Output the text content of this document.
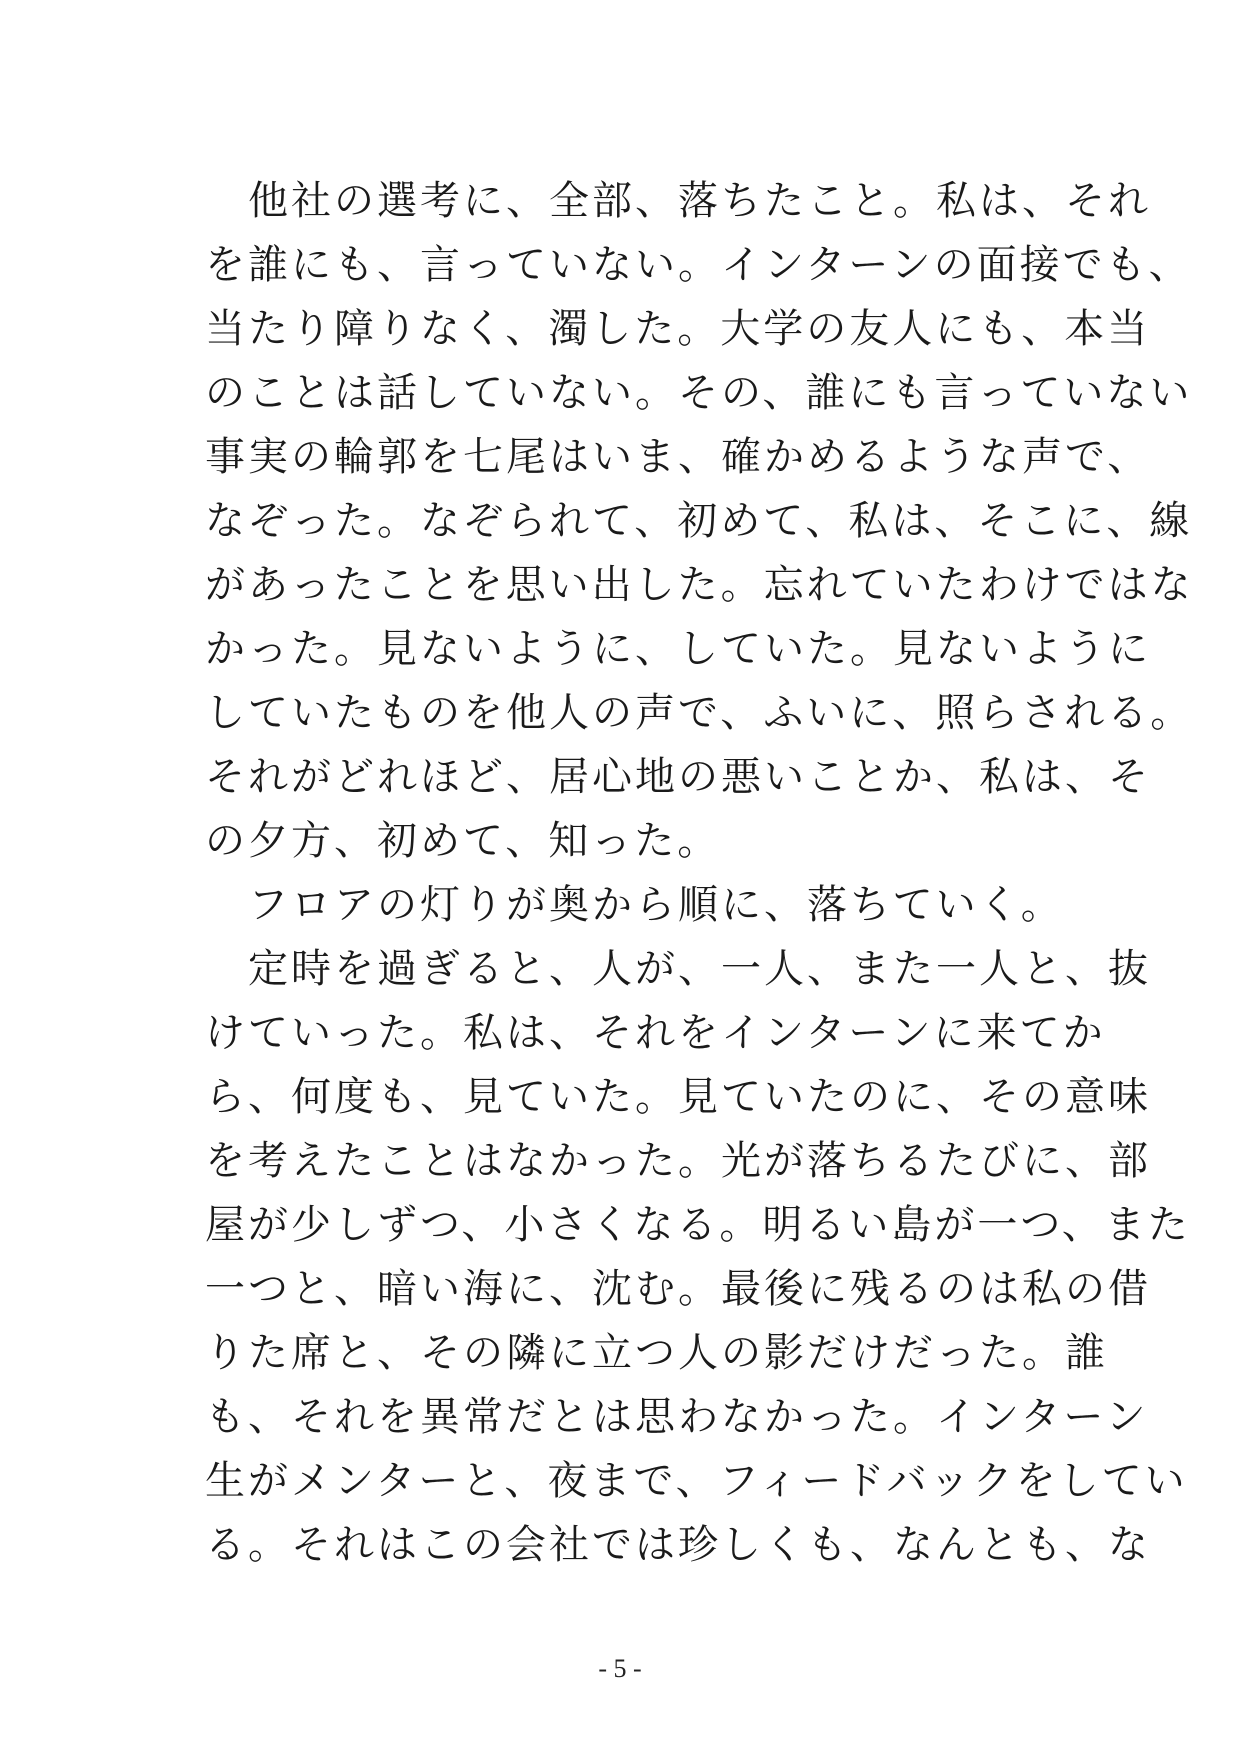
　他社の選考に、全部、落ちたこと。私は、それ
を誰にも、言っていない。インターンの面接でも、
当たり障りなく、濁した。大学の友人にも、本当
のことは話していない。その、誰にも言っていない
事実の輪郭を七尾はいま、確かめるような声で、
なぞった。なぞられて、初めて、私は、そこに、線
があったことを思い出した。忘れていたわけではな
かった。見ないように、していた。見ないように
していたものを他人の声で、ふいに、照らされる。
それがどれほど、居心地の悪いことか、私は、そ
の夕方、初めて、知った。
　フロアの灯りが奥から順に、落ちていく。
　定時を過ぎると、人が、一人、また一人と、抜
けていった。私は、それをインターンに来てか
ら、何度も、見ていた。見ていたのに、その意味
を考えたことはなかった。光が落ちるたびに、部
屋が少しずつ、小さくなる。明るい島が一つ、また
一つと、暗い海に、沈む。最後に残るのは私の借
りた席と、その隣に立つ人の影だけだった。誰
も、それを異常だとは思わなかった。インターン
生がメンターと、夜まで、フィードバックをしてい
る。それはこの会社では珍しくも、なんとも、な
- 5 -
